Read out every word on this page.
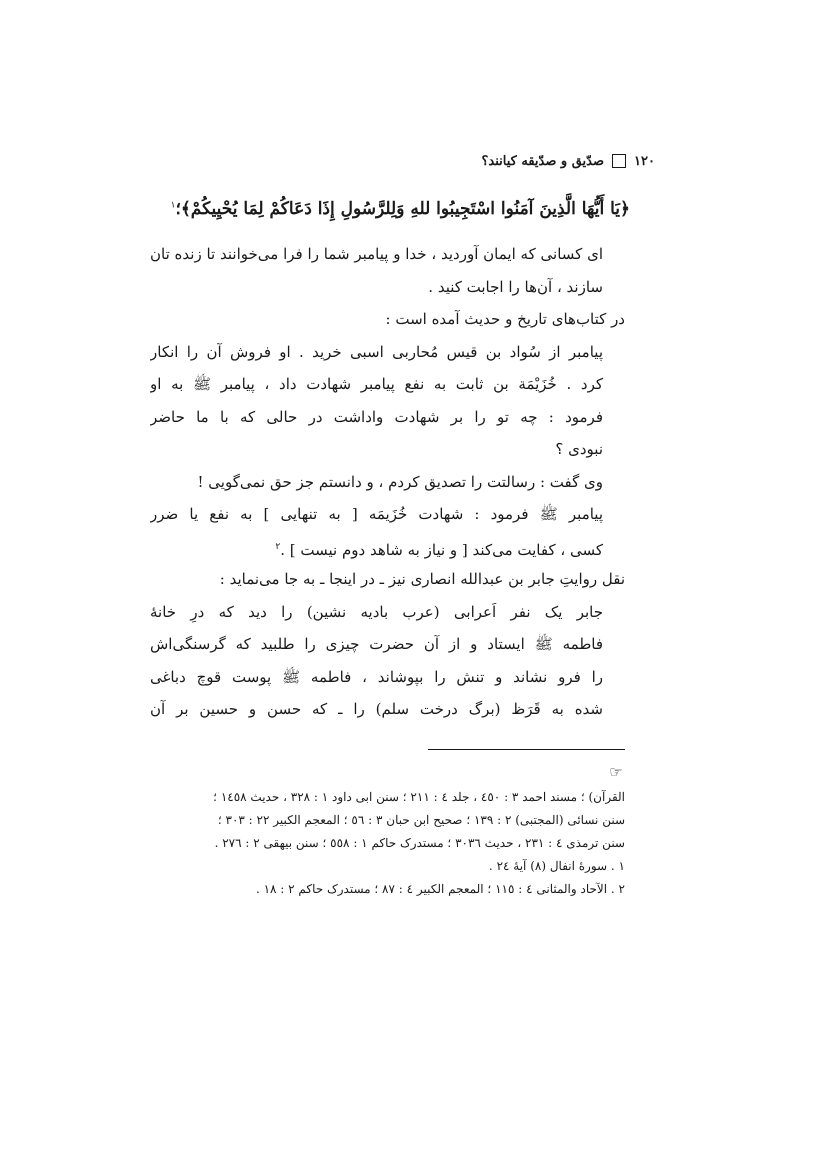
١٢٠
صدّیق و صدّیقه کیانند؟
﴿یَا أَیُّهَا الَّذِینَ آمَنُوا اسْتَجِیبُوا للهِ وَلِلرَّسُولِ إِذَا دَعَاکُمْ لِمَا یُحْیِیکُمْ﴾؛$^١$
ای کسانی که ایمان آوردید ، خدا و پیامبر شما را فرا می‌خوانند تا زنده تان
سازند ، آن‌ها را اجابت کنید .
در کتاب‌های تاریخ و حدیث آمده است :
پیامبر از سُواد بن قیس مُحاربی اسبی خرید . او فروش آن را انکار
کرد . خُزَیْمَة بن ثابت به نفع پیامبر شهادت داد ، پیامبر ﷺ به او
فرمود : چه تو را بر شهادت واداشت در حالی که با ما حاضر
نبودی ؟
وی گفت : رسالتت را تصدیق کردم ، و دانستم جز حق نمی‌گویی !
پیامبر ﷺ فرمود : شهادت خُزَیمَه [ به تنهایی ] به نفع یا ضرر
کسی ، کفایت می‌کند [ و نیاز به شاهد دوم نیست ] .$^٢$
نقل روایتِ جابر بن عبدالله انصاری نیز ـ در اینجا ـ به جا می‌نماید :
جابر یک نفر اَعرابی (عرب بادیه نشین) را دید که درِ خانهٔ
فاطمه ﷺ ایستاد و از آن حضرت چیزی را طلبید که گرسنگی‌اش
را فرو نشاند و تنش را بپوشاند ، فاطمه ﷺ پوست قوچ دباغی
شده به قَرَظ (برگ درخت سلم) را ـ که حسن و حسین بر آن
☞
القرآن) ؛ مسند احمد ٣ : ٤٥٠ ، جلد ٤ : ٢١١ ؛ سنن ابی داود ١ : ٣٢٨ ، حدیث ١٤٥٨ ؛
سنن نسائی (المجتبی) ٢ : ١٣٩ ؛ صحیح ابن حبان ٣ : ٥٦ ؛ المعجم الکبیر ٢٢ : ٣٠٣ ؛
سنن ترمذی ٤ : ٢٣١ ، حدیث ٣٠٣٦ ؛ مستدرک حاکم ١ : ٥٥٨ ؛ سنن بیهقی ٢ : ٢٧٦ .
١ . سورهٔ انفال (٨) آیهٔ ٢٤ .
٢ . الآحاد والمثانی ٤ : ١١٥ ؛ المعجم الکبیر ٤ : ٨٧ ؛ مستدرک حاکم ٢ : ١٨ .
